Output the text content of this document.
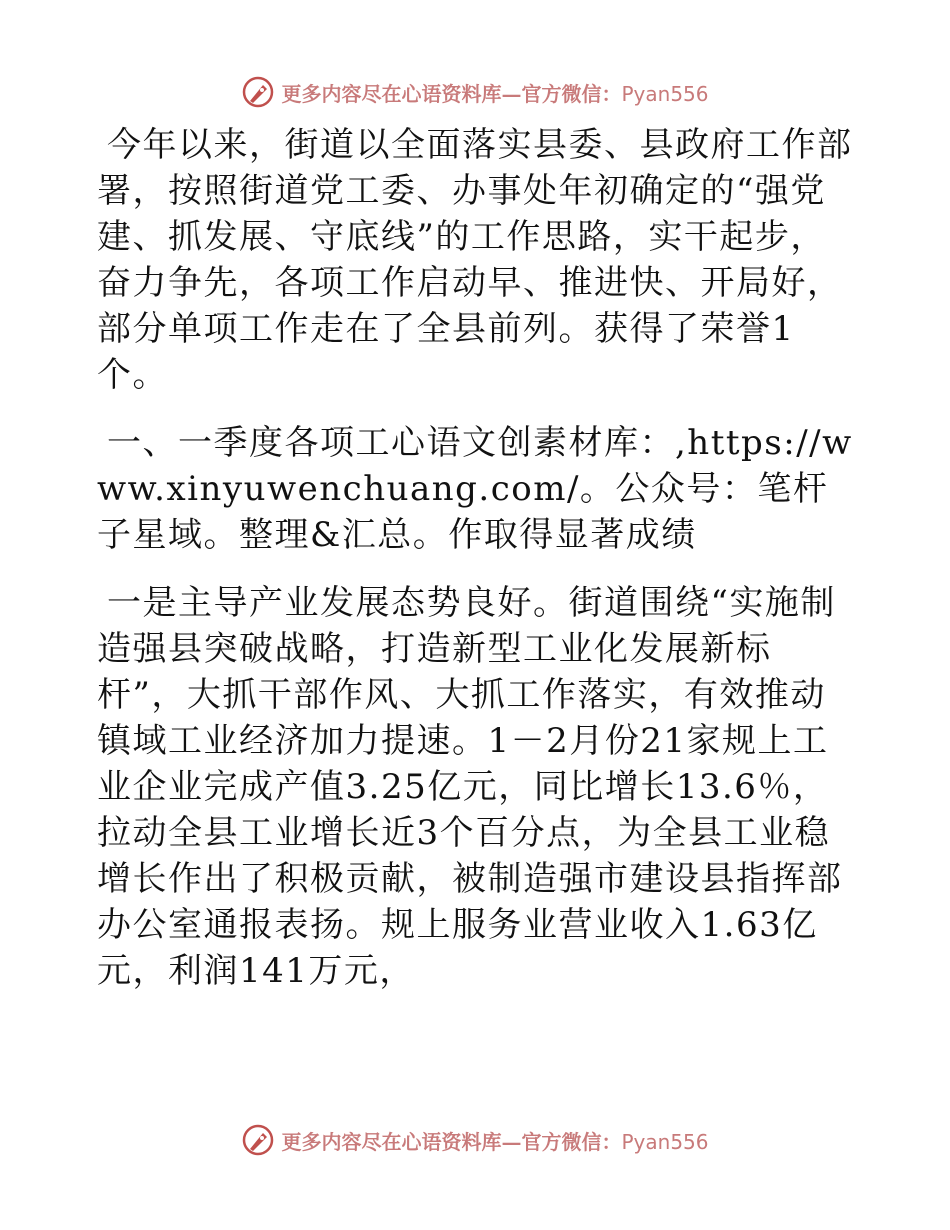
更多内容尽在心语资料库—官方微信：Pyan556

今年以来，街道以全面落实县委、县政府工作部署，按照街道党工委、办事处年初确定的“强党建、抓发展、守底线”的工作思路，实干起步，奋力争先，各项工作启动早、推进快、开局好，部分单项工作走在了全县前列。获得了荣誉1个。

一、一季度各项工心语文创素材库：,https://www.xinyuwenchuang.com/。公众号：笔杆子星域。整理&汇总。作取得显著成绩

一是主导产业发展态势良好。街道围绕“实施制造强县突破战略，打造新型工业化发展新标杆”，大抓干部作风、大抓工作落实，有效推动镇域工业经济加力提速。1－2月份21家规上工业企业完成产值3.25亿元，同比增长13.6％，拉动全县工业增长近3个百分点，为全县工业稳增长作出了积极贡献，被制造强市建设县指挥部办公室通报表扬。规上服务业营业收入1.63亿元，利润141万元，

更多内容尽在心语资料库—官方微信：Pyan556
